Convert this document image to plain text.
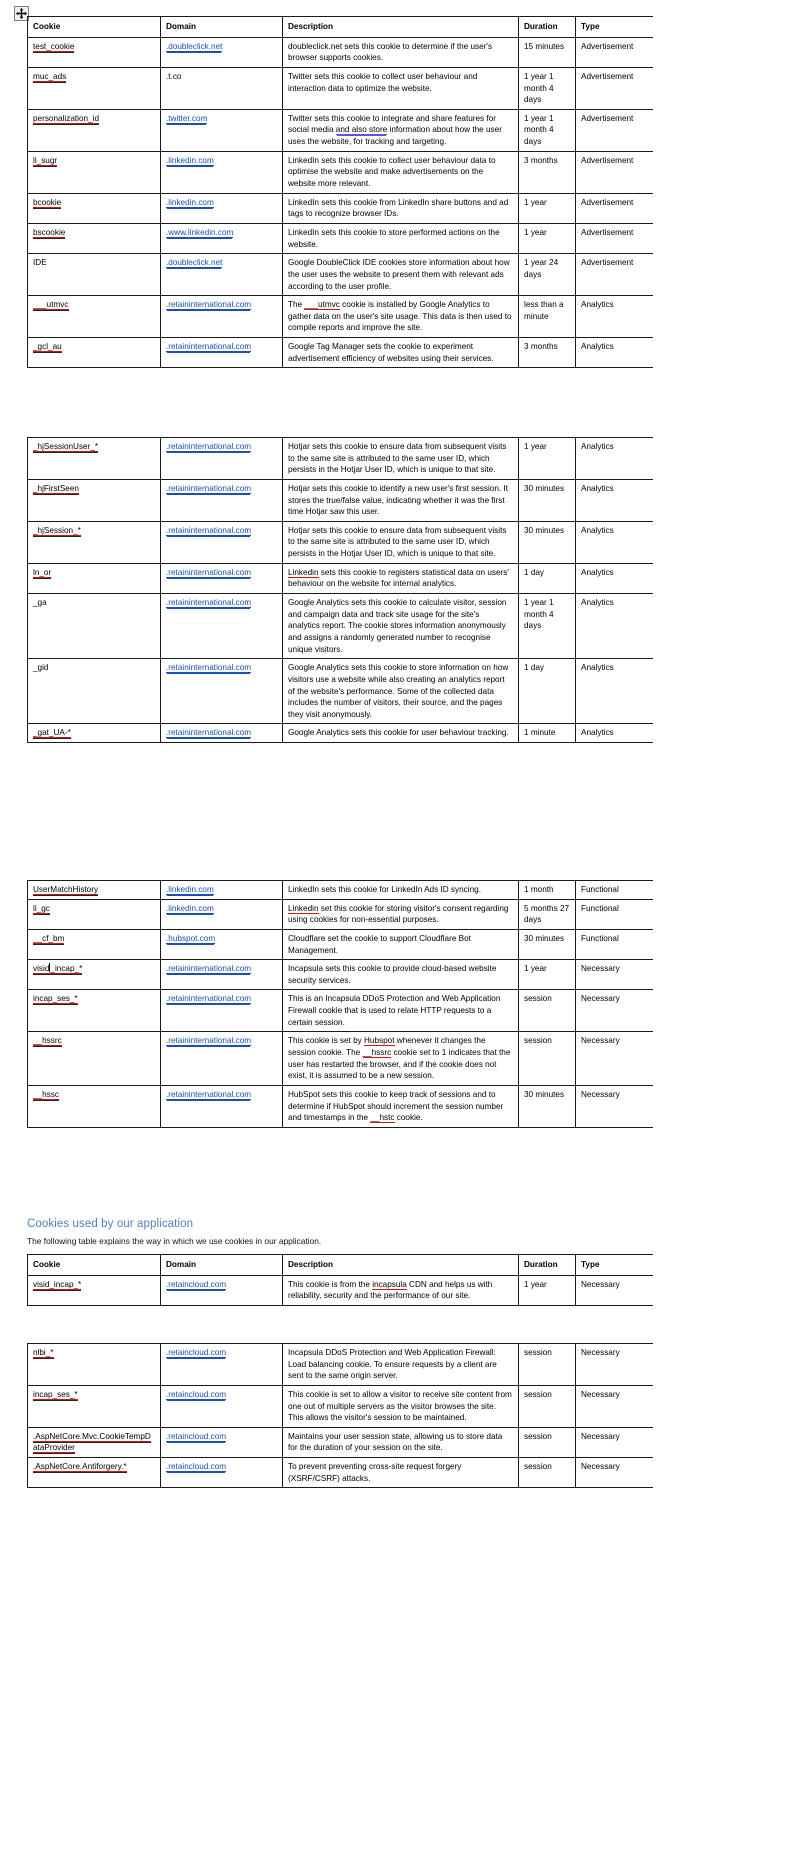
Cookie	Domain	Description	Duration	Type
test_cookie	.doubleclick.net	doubleclick.net sets this cookie to determine if the user's browser supports cookies.	15 minutes	Advertisement
muc_ads	.t.co	Twitter sets this cookie to collect user behaviour and interaction data to optimize the website.	1 year 1 month 4 days	Advertisement
personalization_id	.twitter.com	Twitter sets this cookie to integrate and share features for social media and also store information about how the user uses the website, for tracking and targeting.	1 year 1 month 4 days	Advertisement
li_sugr	.linkedin.com	LinkedIn sets this cookie to collect user behaviour data to optimise the website and make advertisements on the website more relevant.	3 months	Advertisement
bcookie	.linkedin.com	LinkedIn sets this cookie from LinkedIn share buttons and ad tags to recognize browser IDs.	1 year	Advertisement
bscookie	.www.linkedin.com	LinkedIn sets this cookie to store performed actions on the website.	1 year	Advertisement
IDE	.doubleclick.net	Google DoubleClick IDE cookies store information about how the user uses the website to present them with relevant ads according to the user profile.	1 year 24 days	Advertisement
___utmvc	.retaininternational.com	The ___utmvc cookie is installed by Google Analytics to gather data on the user's site usage. This data is then used to compile reports and improve the site.	less than a minute	Analytics
_gcl_au	.retaininternational.com	Google Tag Manager sets the cookie to experiment advertisement efficiency of websites using their services.	3 months	Analytics
_hjSessionUser_*	.retaininternational.com	Hotjar sets this cookie to ensure data from subsequent visits to the same site is attributed to the same user ID, which persists in the Hotjar User ID, which is unique to that site.	1 year	Analytics
_hjFirstSeen	.retaininternational.com	Hotjar sets this cookie to identify a new user's first session. It stores the true/false value, indicating whether it was the first time Hotjar saw this user.	30 minutes	Analytics
_hjSession_*	.retaininternational.com	Hotjar sets this cookie to ensure data from subsequent visits to the same site is attributed to the same user ID, which persists in the Hotjar User ID, which is unique to that site.	30 minutes	Analytics
ln_or	.retaininternational.com	Linkedin sets this cookie to registers statistical data on users' behaviour on the website for internal analytics.	1 day	Analytics
_ga	.retaininternational.com	Google Analytics sets this cookie to calculate visitor, session and campaign data and track site usage for the site's analytics report. The cookie stores information anonymously and assigns a randomly generated number to recognise unique visitors.	1 year 1 month 4 days	Analytics
_gid	.retaininternational.com	Google Analytics sets this cookie to store information on how visitors use a website while also creating an analytics report of the website's performance. Some of the collected data includes the number of visitors, their source, and the pages they visit anonymously.	1 day	Analytics
_gat_UA-*	.retaininternational.com	Google Analytics sets this cookie for user behaviour tracking.	1 minute	Analytics
UserMatchHistory	.linkedin.com	LinkedIn sets this cookie for LinkedIn Ads ID syncing.	1 month	Functional
li_gc	.linkedin.com	Linkedin set this cookie for storing visitor's consent regarding using cookies for non-essential purposes.	5 months 27 days	Functional
__cf_bm	.hubspot.com	Cloudflare set the cookie to support Cloudflare Bot Management.	30 minutes	Functional
visid_incap_*	.retaininternational.com	Incapsula sets this cookie to provide cloud-based website security services.	1 year	Necessary
incap_ses_*	.retaininternational.com	This is an Incapsula DDoS Protection and Web Application Firewall cookie that is used to relate HTTP requests to a certain session.	session	Necessary
__hssrc	.retaininternational.com	This cookie is set by Hubspot whenever it changes the session cookie. The __hssrc cookie set to 1 indicates that the user has restarted the browser, and if the cookie does not exist, it is assumed to be a new session.	session	Necessary
__hssc	.retaininternational.com	HubSpot sets this cookie to keep track of sessions and to determine if HubSpot should increment the session number and timestamps in the __hstc cookie.	30 minutes	Necessary
Cookies used by our application
The following table explains the way in which we use cookies in our application.
Cookie	Domain	Description	Duration	Type
visid_incap_*	.retaincloud.com	This cookie is from the incapsula CDN and helps us with reliability, security and the performance of our site.	1 year	Necessary
nlbi_*	.retaincloud.com	Incapsula DDoS Protection and Web Application Firewall: Load balancing cookie. To ensure requests by a client are sent to the same origin server.	session	Necessary
incap_ses_*	.retaincloud.com	This cookie is set to allow a visitor to receive site content from one out of multiple servers as the visitor browses the site. This allows the visitor's session to be maintained.	session	Necessary
.AspNetCore.Mvc.CookieTempDataProvider	.retaincloud.com	Maintains your user session state, allowing us to store data for the duration of your session on the site.	session	Necessary
.AspNetCore.Antiforgery.*	.retaincloud.com	To prevent preventing cross-site request forgery (XSRF/CSRF) attacks.	session	Necessary
